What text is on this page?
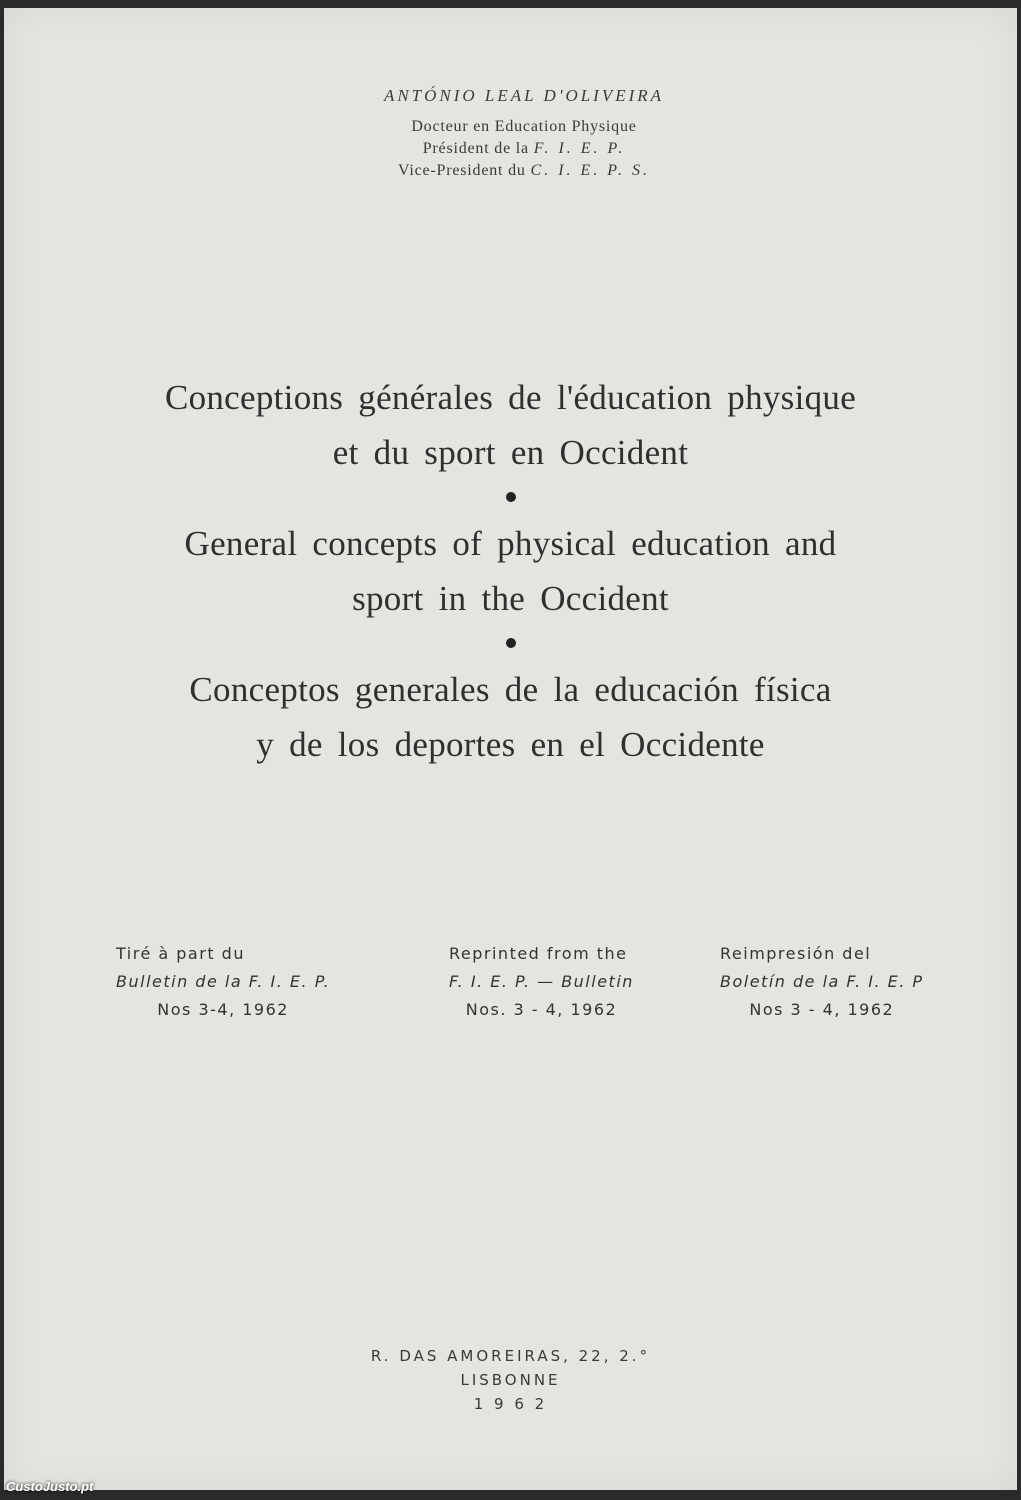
ANTÓNIO LEAL D'OLIVEIRA
Docteur en Education Physique
Président de la F. I. E. P.
Vice-President du C. I. E. P. S.
Conceptions générales de l'éducation physique
et du sport en Occident
General concepts of physical education and
sport in the Occident
Conceptos generales de la educación física
y de los deportes en el Occidente
Tiré à part du
Bulletin de la F. I. E. P.
Nos 3-4, 1962
Reprinted from the
F. I. E. P. — Bulletin
Nos. 3 - 4, 1962
Reimpresión del
Boletín de la F. I. E. P
Nos 3 - 4, 1962
R. DAS AMOREIRAS, 22, 2.°
LISBONNE
1 9 6 2
CustoJusto.pt
